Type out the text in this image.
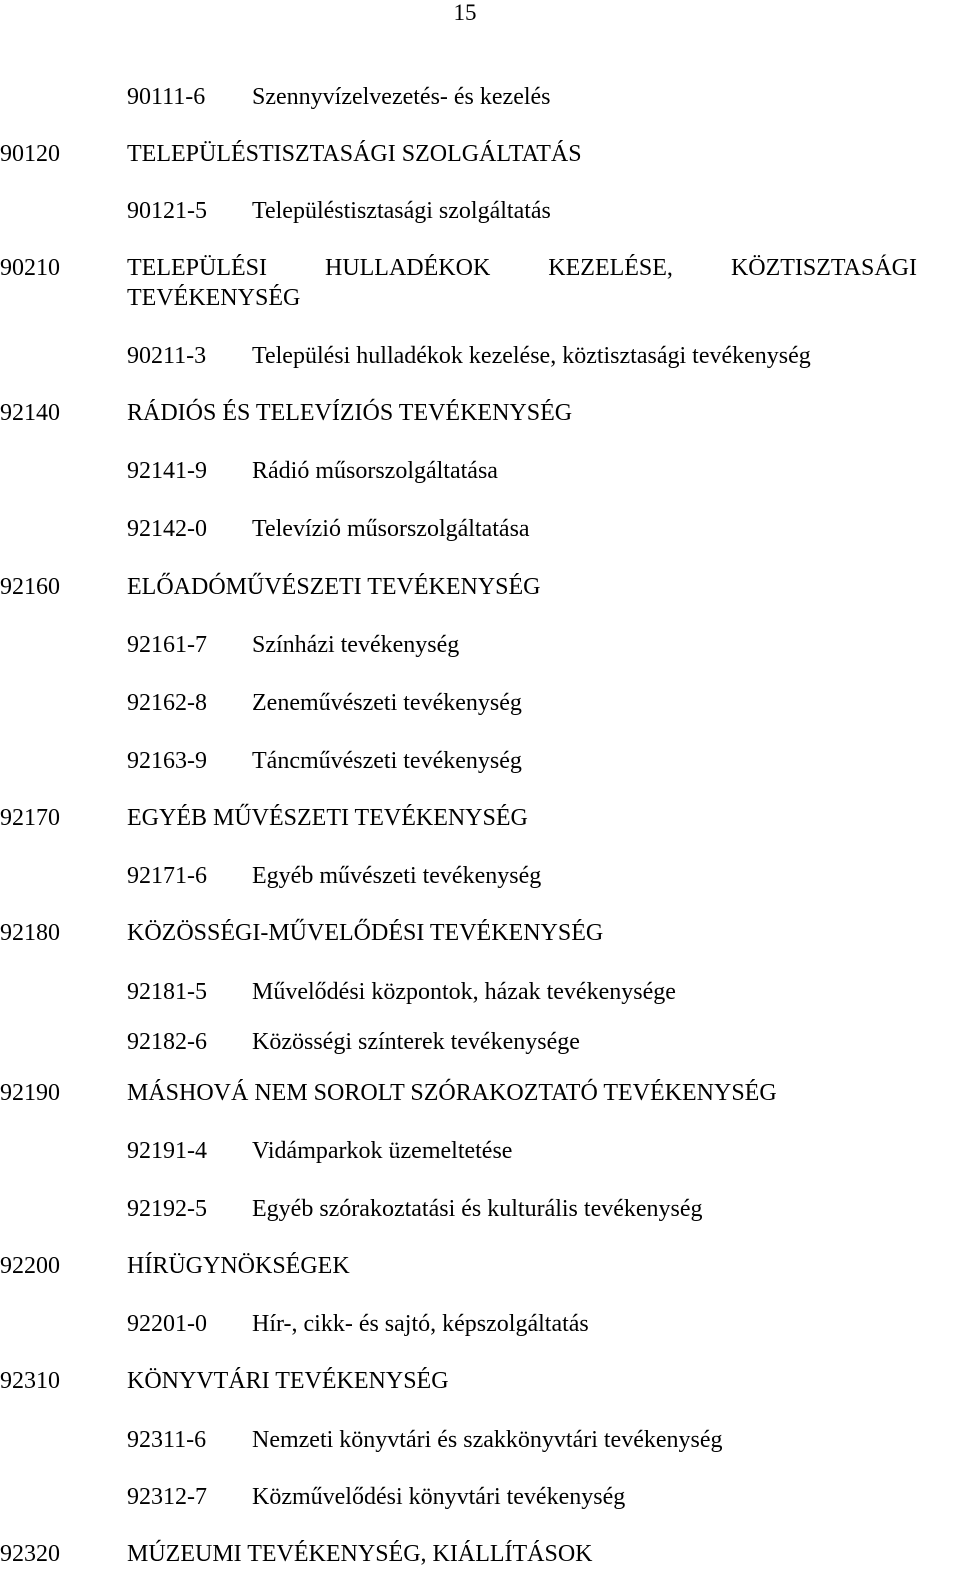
15
90111-6 Szennyvízelvezetés- és kezelés
90120	TELEPÜLÉSTISZTASÁGI SZOLGÁLTATÁS
90121-5 Településtisztasági szolgáltatás
90210	TELEPÜLÉSI HULLADÉKOK KEZELÉSE, KÖZTISZTASÁGI TEVÉKENYSÉG
90211-3 Települési hulladékok kezelése, köztisztasági tevékenység
92140	RÁDIÓS ÉS TELEVÍZIÓS TEVÉKENYSÉG
92141-9 Rádió műsorszolgáltatása
92142-0 Televízió műsorszolgáltatása
92160	ELŐADÓMŰVÉSZETI TEVÉKENYSÉG
92161-7 Színházi tevékenység
92162-8 Zeneművészeti tevékenység
92163-9 Táncművészeti tevékenység
92170	EGYÉB MŰVÉSZETI TEVÉKENYSÉG
92171-6 Egyéb művészeti tevékenység
92180	KÖZÖSSÉGI-MŰVELŐDÉSI TEVÉKENYSÉG
92181-5 Művelődési központok, házak tevékenysége
92182-6 Közösségi színterek tevékenysége
92190	MÁSHOVÁ NEM SOROLT SZÓRAKOZTATÓ TEVÉKENYSÉG
92191-4 Vidámparkok üzemeltetése
92192-5 Egyéb szórakoztatási és kulturális tevékenység
92200	HÍRÜGYNÖKSÉGEK
92201-0 Hír-, cikk- és sajtó, képszolgáltatás
92310	KÖNYVTÁRI TEVÉKENYSÉG
92311-6 Nemzeti könyvtári és szakkönyvtári tevékenység
92312-7 Közművelődési könyvtári tevékenység
92320	MÚZEUMI TEVÉKENYSÉG, KIÁLLÍTÁSOK
